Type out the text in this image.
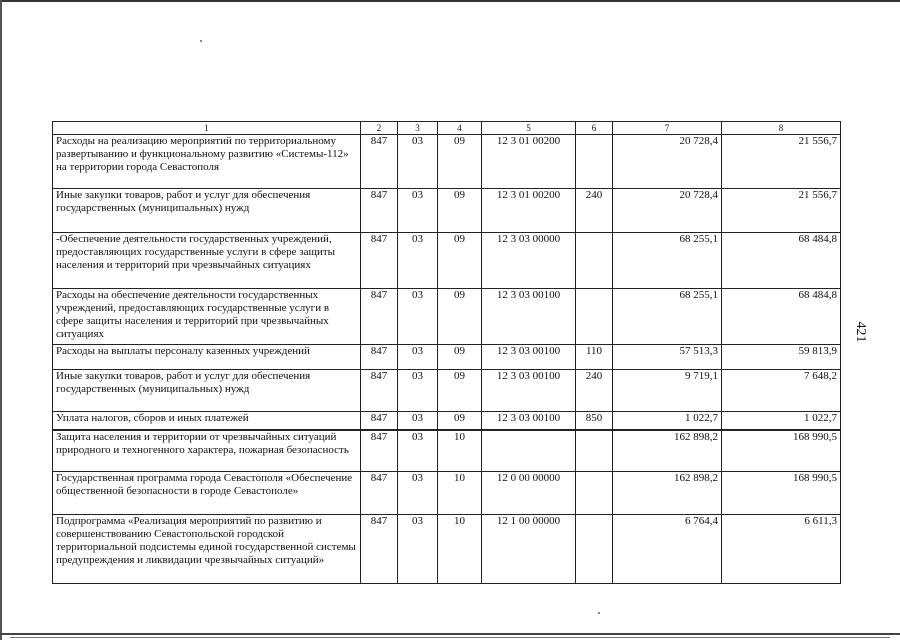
421
1	2	3	4	5	6	7	8
Расходы на реализацию мероприятий по территориальному развертыванию и функциональному развитию «Системы-112» на территории города Севастополя	847	03	09	12 3 01 00200		20 728,4	21 556,7
Иные закупки товаров, работ и услуг для обеспечения государственных (муниципальных) нужд	847	03	09	12 3 01 00200	240	20 728,4	21 556,7
-Обеспечение деятельности государственных учреждений, предоставляющих государственные услуги в сфере защиты населения и территорий при чрезвычайных ситуациях	847	03	09	12 3 03 00000		68 255,1	68 484,8
Расходы на обеспечение деятельности государственных учреждений, предоставляющих государственные услуги в сфере защиты населения и территорий при чрезвычайных ситуациях	847	03	09	12 3 03 00100		68 255,1	68 484,8
Расходы на выплаты персоналу казенных учреждений	847	03	09	12 3 03 00100	110	57 513,3	59 813,9
Иные закупки товаров, работ и услуг для обеспечения государственных (муниципальных) нужд	847	03	09	12 3 03 00100	240	9 719,1	7 648,2
Уплата налогов, сборов и иных платежей	847	03	09	12 3 03 00100	850	1 022,7	1 022,7
Защита населения и территории от чрезвычайных ситуаций природного и техногенного характера, пожарная безопасность	847	03	10			162 898,2	168 990,5
Государственная программа города Севастополя «Обеспечение общественной безопасности в городе Севастополе»	847	03	10	12 0 00 00000		162 898,2	168 990,5
Подпрограмма «Реализация мероприятий по развитию и совершенствованию Севастопольской городской территориальной подсистемы единой государственной системы предупреждения и ликвидации чрезвычайных ситуаций»	847	03	10	12 1 00 00000		6 764,4	6 611,3
